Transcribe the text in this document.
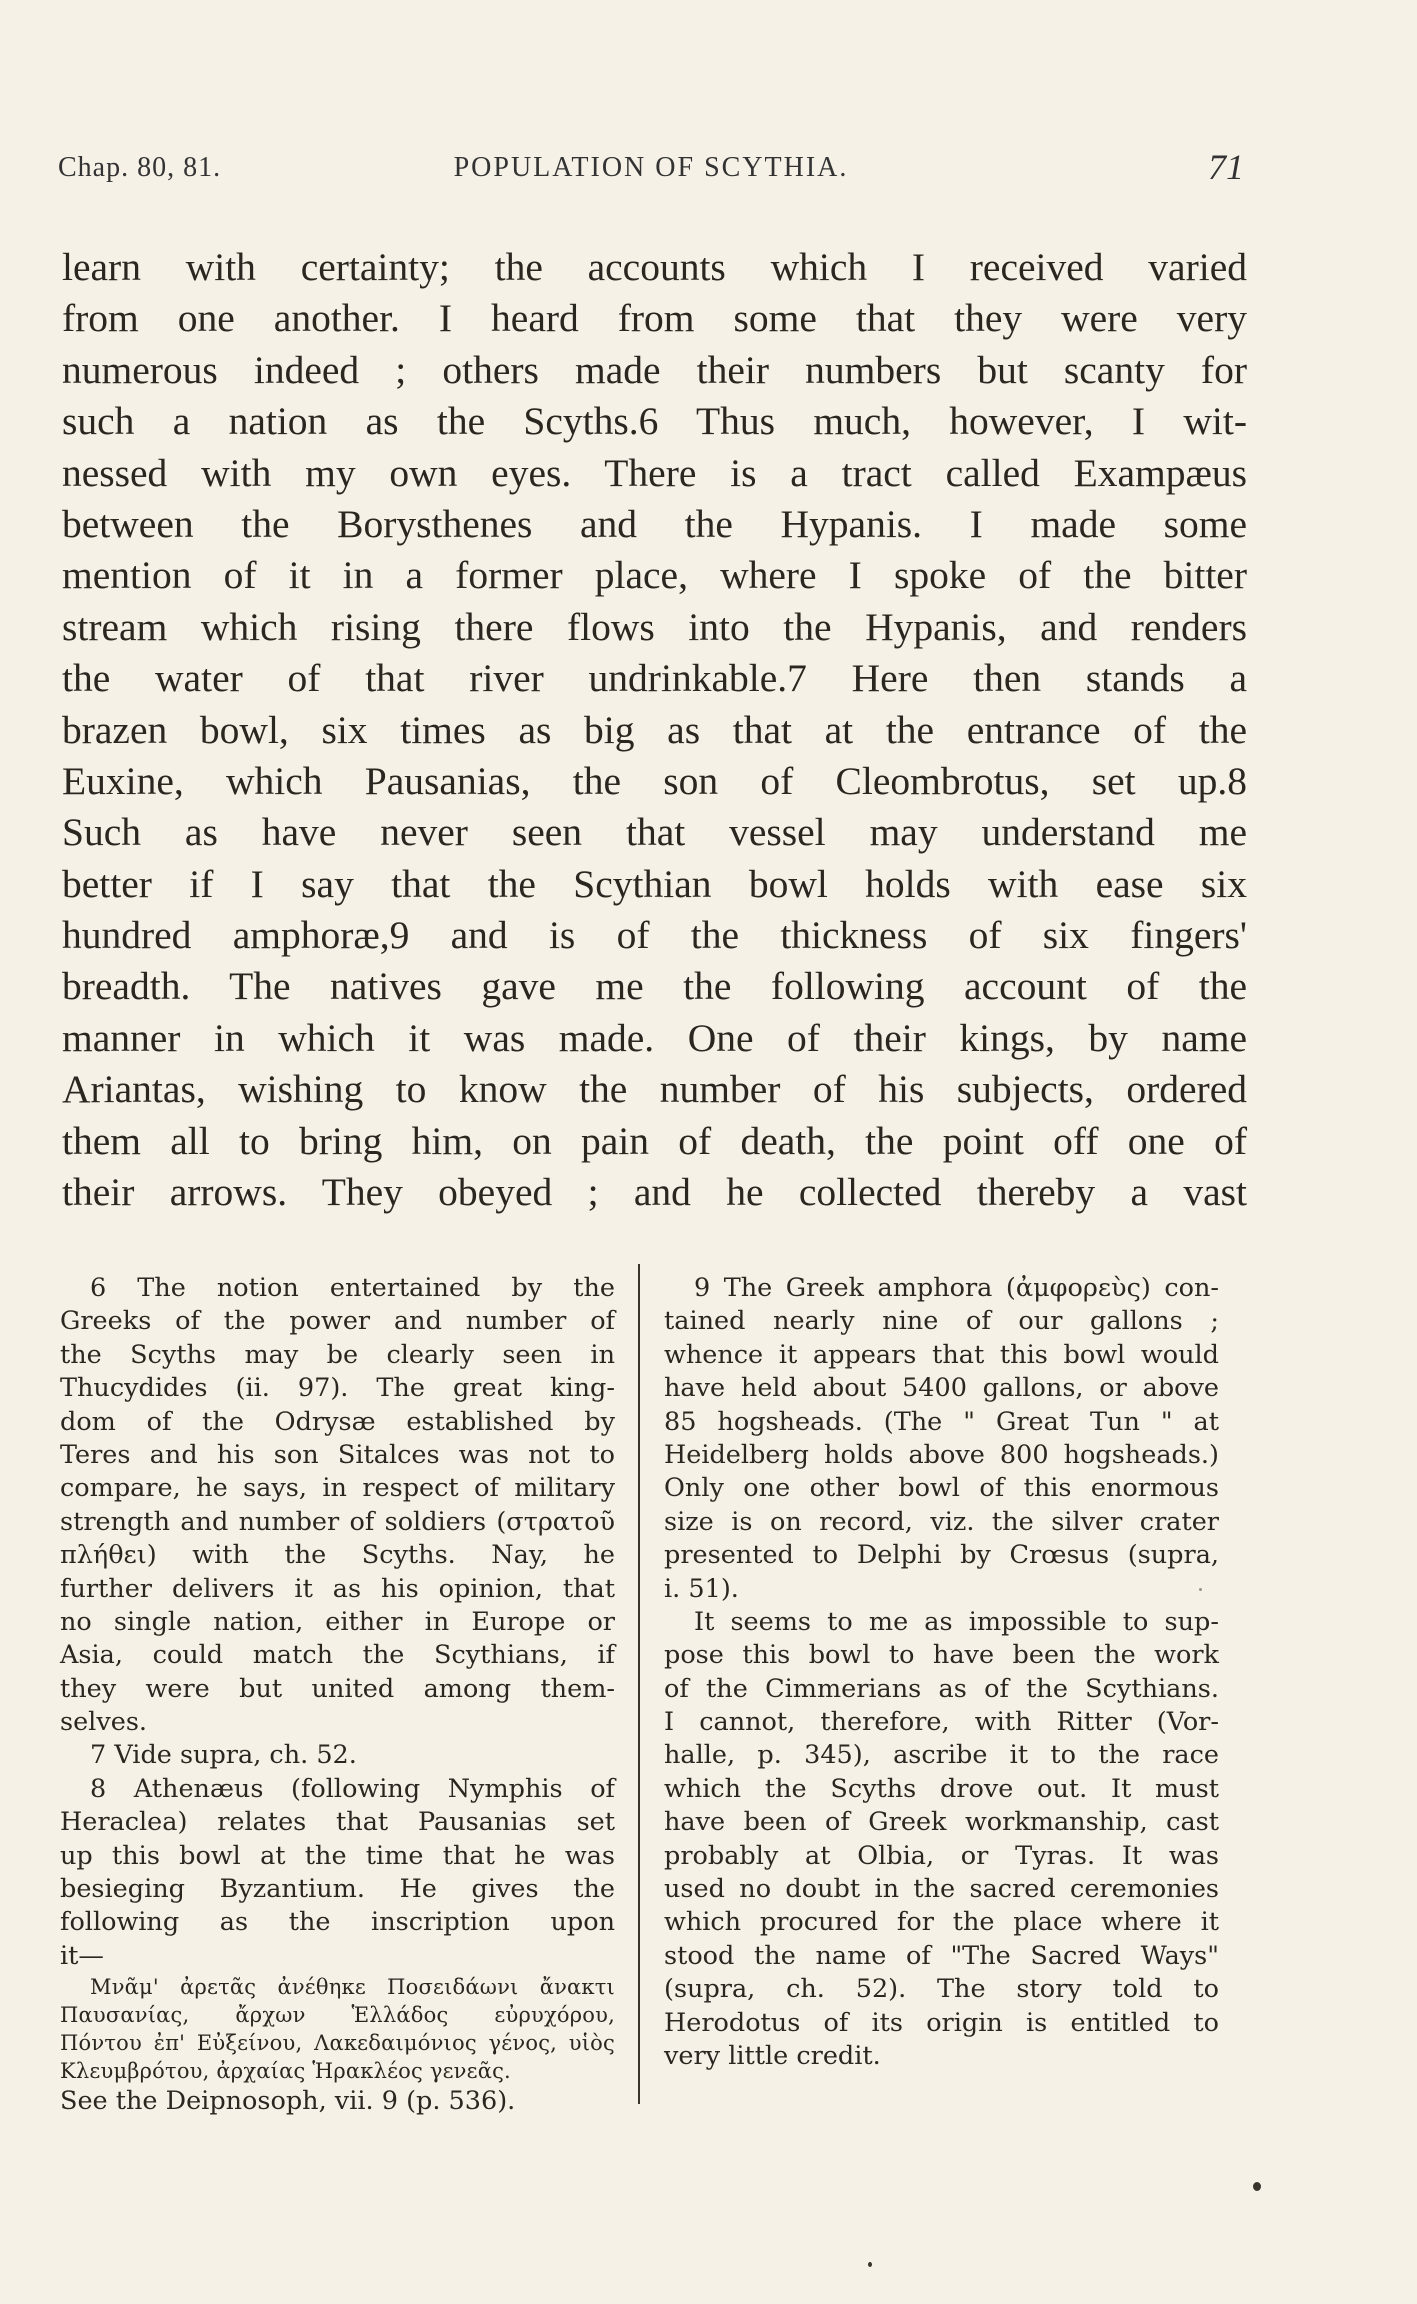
Chap. 80, 81.	POPULATION OF SCYTHIA.	71
learn with certainty; the accounts which I received varied
from one another. I heard from some that they were very
numerous indeed ; others made their numbers but scanty for
such a nation as the Scyths.6 Thus much, however, I wit-
nessed with my own eyes. There is a tract called Exampæus
between the Borysthenes and the Hypanis. I made some
mention of it in a former place, where I spoke of the bitter
stream which rising there flows into the Hypanis, and renders
the water of that river undrinkable.7 Here then stands a
brazen bowl, six times as big as that at the entrance of the
Euxine, which Pausanias, the son of Cleombrotus, set up.8
Such as have never seen that vessel may understand me
better if I say that the Scythian bowl holds with ease six
hundred amphoræ,9 and is of the thickness of six fingers'
breadth. The natives gave me the following account of the
manner in which it was made. One of their kings, by name
Ariantas, wishing to know the number of his subjects, ordered
them all to bring him, on pain of death, the point off one of
their arrows. They obeyed ; and he collected thereby a vast
6 The notion entertained by the
Greeks of the power and number of
the Scyths may be clearly seen in
Thucydides (ii. 97). The great king-
dom of the Odrysæ established by
Teres and his son Sitalces was not to
compare, he says, in respect of military
strength and number of soldiers (στρατοῦ
πλήθει) with the Scyths. Nay, he
further delivers it as his opinion, that
no single nation, either in Europe or
Asia, could match the Scythians, if
they were but united among them-
selves.
7 Vide supra, ch. 52.
8 Athenæus (following Nymphis of
Heraclea) relates that Pausanias set
up this bowl at the time that he was
besieging Byzantium. He gives the
following as the inscription upon
it—
Μνᾶμ' ἀρετᾶς ἀνέθηκε Ποσειδάωνι ἄνακτι
Παυσανίας, ἄρχων Ἑλλάδος εὐρυχόρου,
Πόντου ἐπ' Εὐξείνου, Λακεδαιμόνιος γένος, υἱὸς
Κλευμβρότου, ἀρχαίας Ἡρακλέος γενεᾶς.
See the Deipnosoph, vii. 9 (p. 536).
9 The Greek amphora (ἀμφορεὺς) con-
tained nearly nine of our gallons ;
whence it appears that this bowl would
have held about 5400 gallons, or above
85 hogsheads. (The " Great Tun " at
Heidelberg holds above 800 hogsheads.)
Only one other bowl of this enormous
size is on record, viz. the silver crater
presented to Delphi by Crœsus (supra,
i. 51).
It seems to me as impossible to sup-
pose this bowl to have been the work
of the Cimmerians as of the Scythians.
I cannot, therefore, with Ritter (Vor-
halle, p. 345), ascribe it to the race
which the Scyths drove out. It must
have been of Greek workmanship, cast
probably at Olbia, or Tyras. It was
used no doubt in the sacred ceremonies
which procured for the place where it
stood the name of "The Sacred Ways"
(supra, ch. 52). The story told to
Herodotus of its origin is entitled to
very little credit.
